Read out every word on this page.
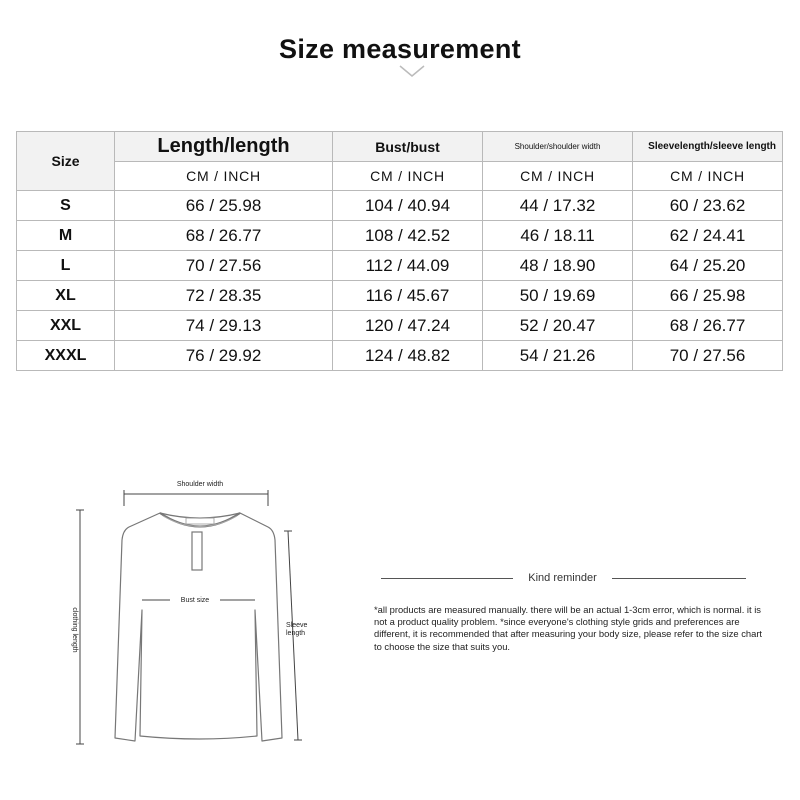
Size measurement
Size	Length/length	Bust/bust	Shoulder/shoulder width	Sleevelength/sleeve length
	CM / INCH	CM / INCH	CM / INCH	CM / INCH
S	66 / 25.98	104 / 40.94	44 / 17.32	60 / 23.62
M	68 / 26.77	108 / 42.52	46 / 18.11	62 / 24.41
L	70 / 27.56	112 / 44.09	48 / 18.90	64 / 25.20
XL	72 / 28.35	116 / 45.67	50 / 19.69	66 / 25.98
XXL	74 / 29.13	120 / 47.24	52 / 20.47	68 / 26.77
XXXL	76 / 29.92	124 / 48.82	54 / 21.26	70 / 27.56
Shoulder width
Bust size
clothing length	Sleeve length
Kind reminder
*all products are measured manually. there will be an actual 1-3cm error, which is normal. it is not a product quality problem. *since everyone's clothing style grids and preferences are different, it is recommended that after measuring your body size, please refer to the size chart to choose the size that suits you.
